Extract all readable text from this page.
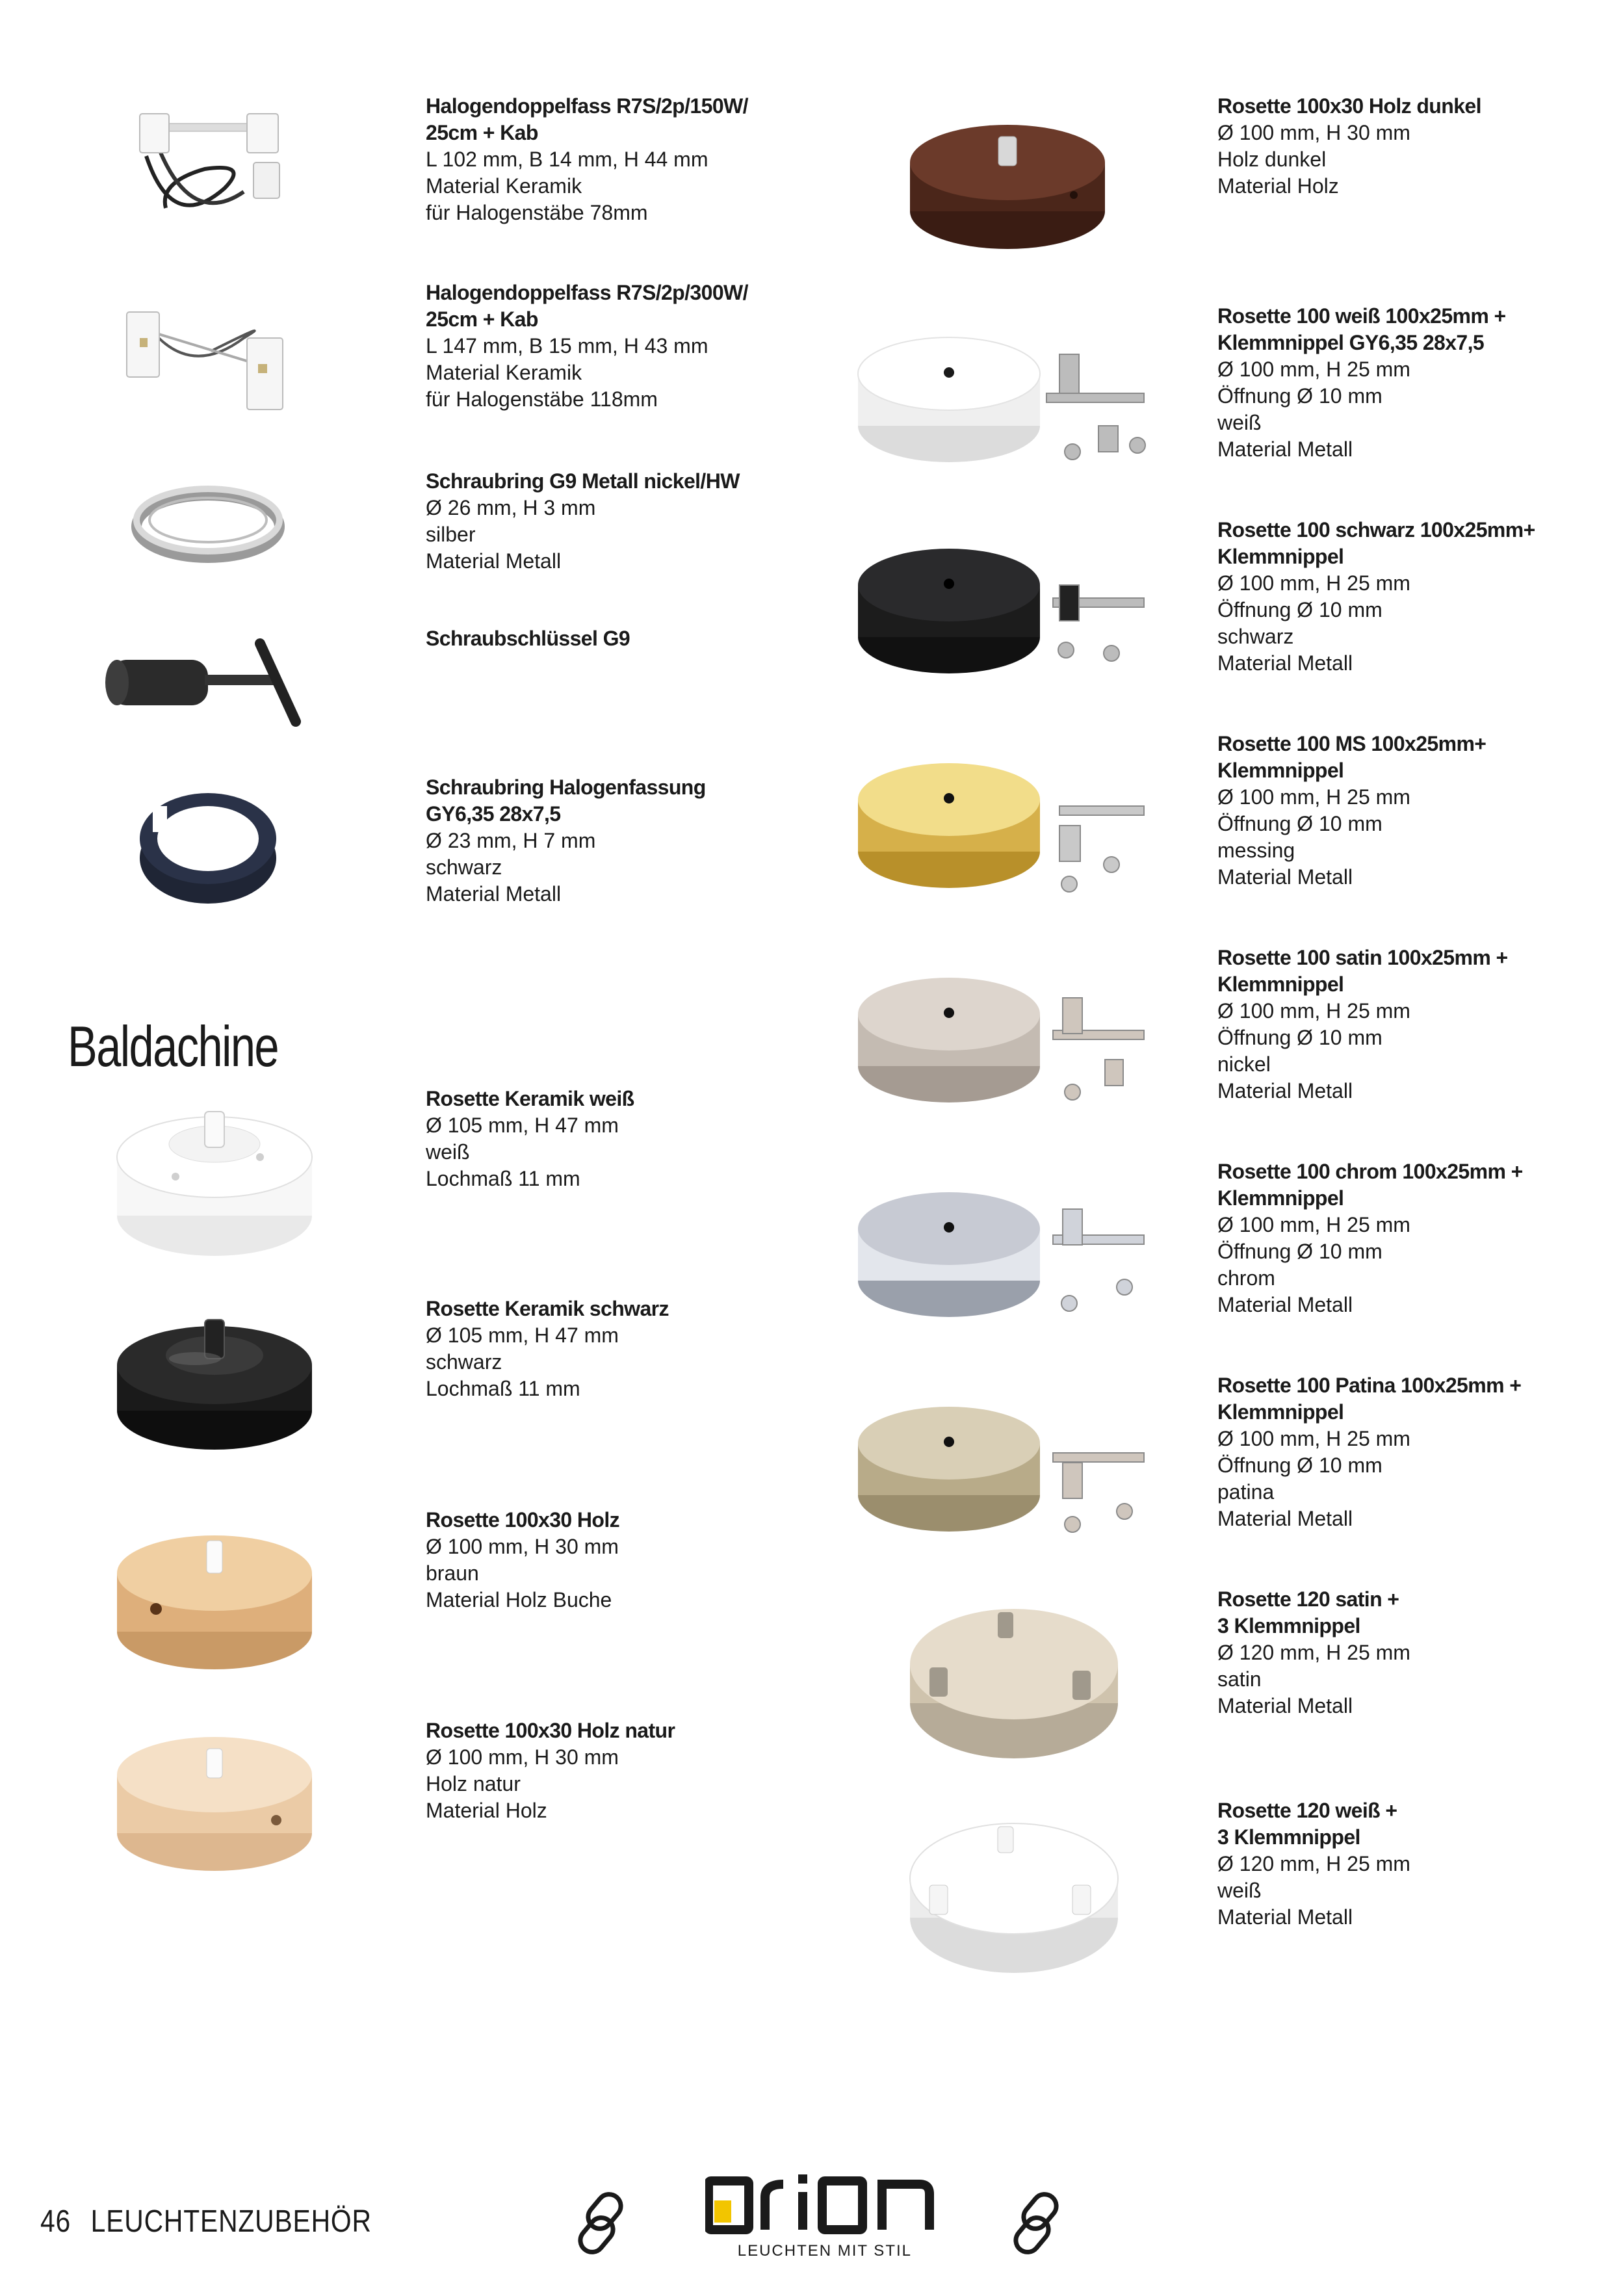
Baldachine
Halogendoppelfass R7S/2p/150W/
25cm + Kab
L 102 mm, B 14 mm, H 44 mm
Material Keramik
für Halogenstäbe 78mm
Halogendoppelfass R7S/2p/300W/
25cm + Kab
L 147 mm, B 15 mm, H 43 mm
Material Keramik
für Halogenstäbe 118mm
Schraubring G9 Metall nickel/HW
Ø 26 mm, H 3 mm
silber
Material Metall
Schraubschlüssel G9
Schraubring Halogenfassung
GY6,35 28x7,5
Ø 23 mm, H 7 mm
schwarz
Material Metall
Rosette Keramik weiß
Ø 105 mm, H 47 mm
weiß
Lochmaß 11 mm
Rosette Keramik schwarz
Ø 105 mm, H 47 mm
schwarz
Lochmaß 11 mm
Rosette 100x30 Holz
Ø 100 mm, H 30 mm
braun
Material Holz Buche
Rosette 100x30 Holz natur
Ø 100 mm, H 30 mm
Holz natur
Material Holz
Rosette 100x30 Holz dunkel
Ø 100 mm, H 30 mm
Holz dunkel
Material Holz
Rosette 100 weiß 100x25mm +
Klemmnippel GY6,35 28x7,5
Ø 100 mm, H 25 mm
Öffnung Ø 10 mm
weiß
Material Metall
Rosette 100 schwarz 100x25mm+
Klemmnippel
Ø 100 mm, H 25 mm
Öffnung Ø 10 mm
schwarz
Material Metall
Rosette 100 MS 100x25mm+
Klemmnippel
Ø 100 mm, H 25 mm
Öffnung Ø 10 mm
messing
Material Metall
Rosette 100 satin 100x25mm +
Klemmnippel
Ø 100 mm, H 25 mm
Öffnung Ø 10 mm
nickel
Material Metall
Rosette 100 chrom 100x25mm +
Klemmnippel
Ø 100 mm, H 25 mm
Öffnung Ø 10 mm
chrom
Material Metall
Rosette 100 Patina 100x25mm +
Klemmnippel
Ø 100 mm, H 25 mm
Öffnung Ø 10 mm
patina
Material Metall
Rosette 120 satin +
3 Klemmnippel
Ø 120 mm, H 25 mm
satin
Material Metall
Rosette 120 weiß +
3 Klemmnippel
Ø 120 mm, H 25 mm
weiß
Material Metall
46 LEUCHTENZUBEHÖR
LEUCHTEN MIT STIL
